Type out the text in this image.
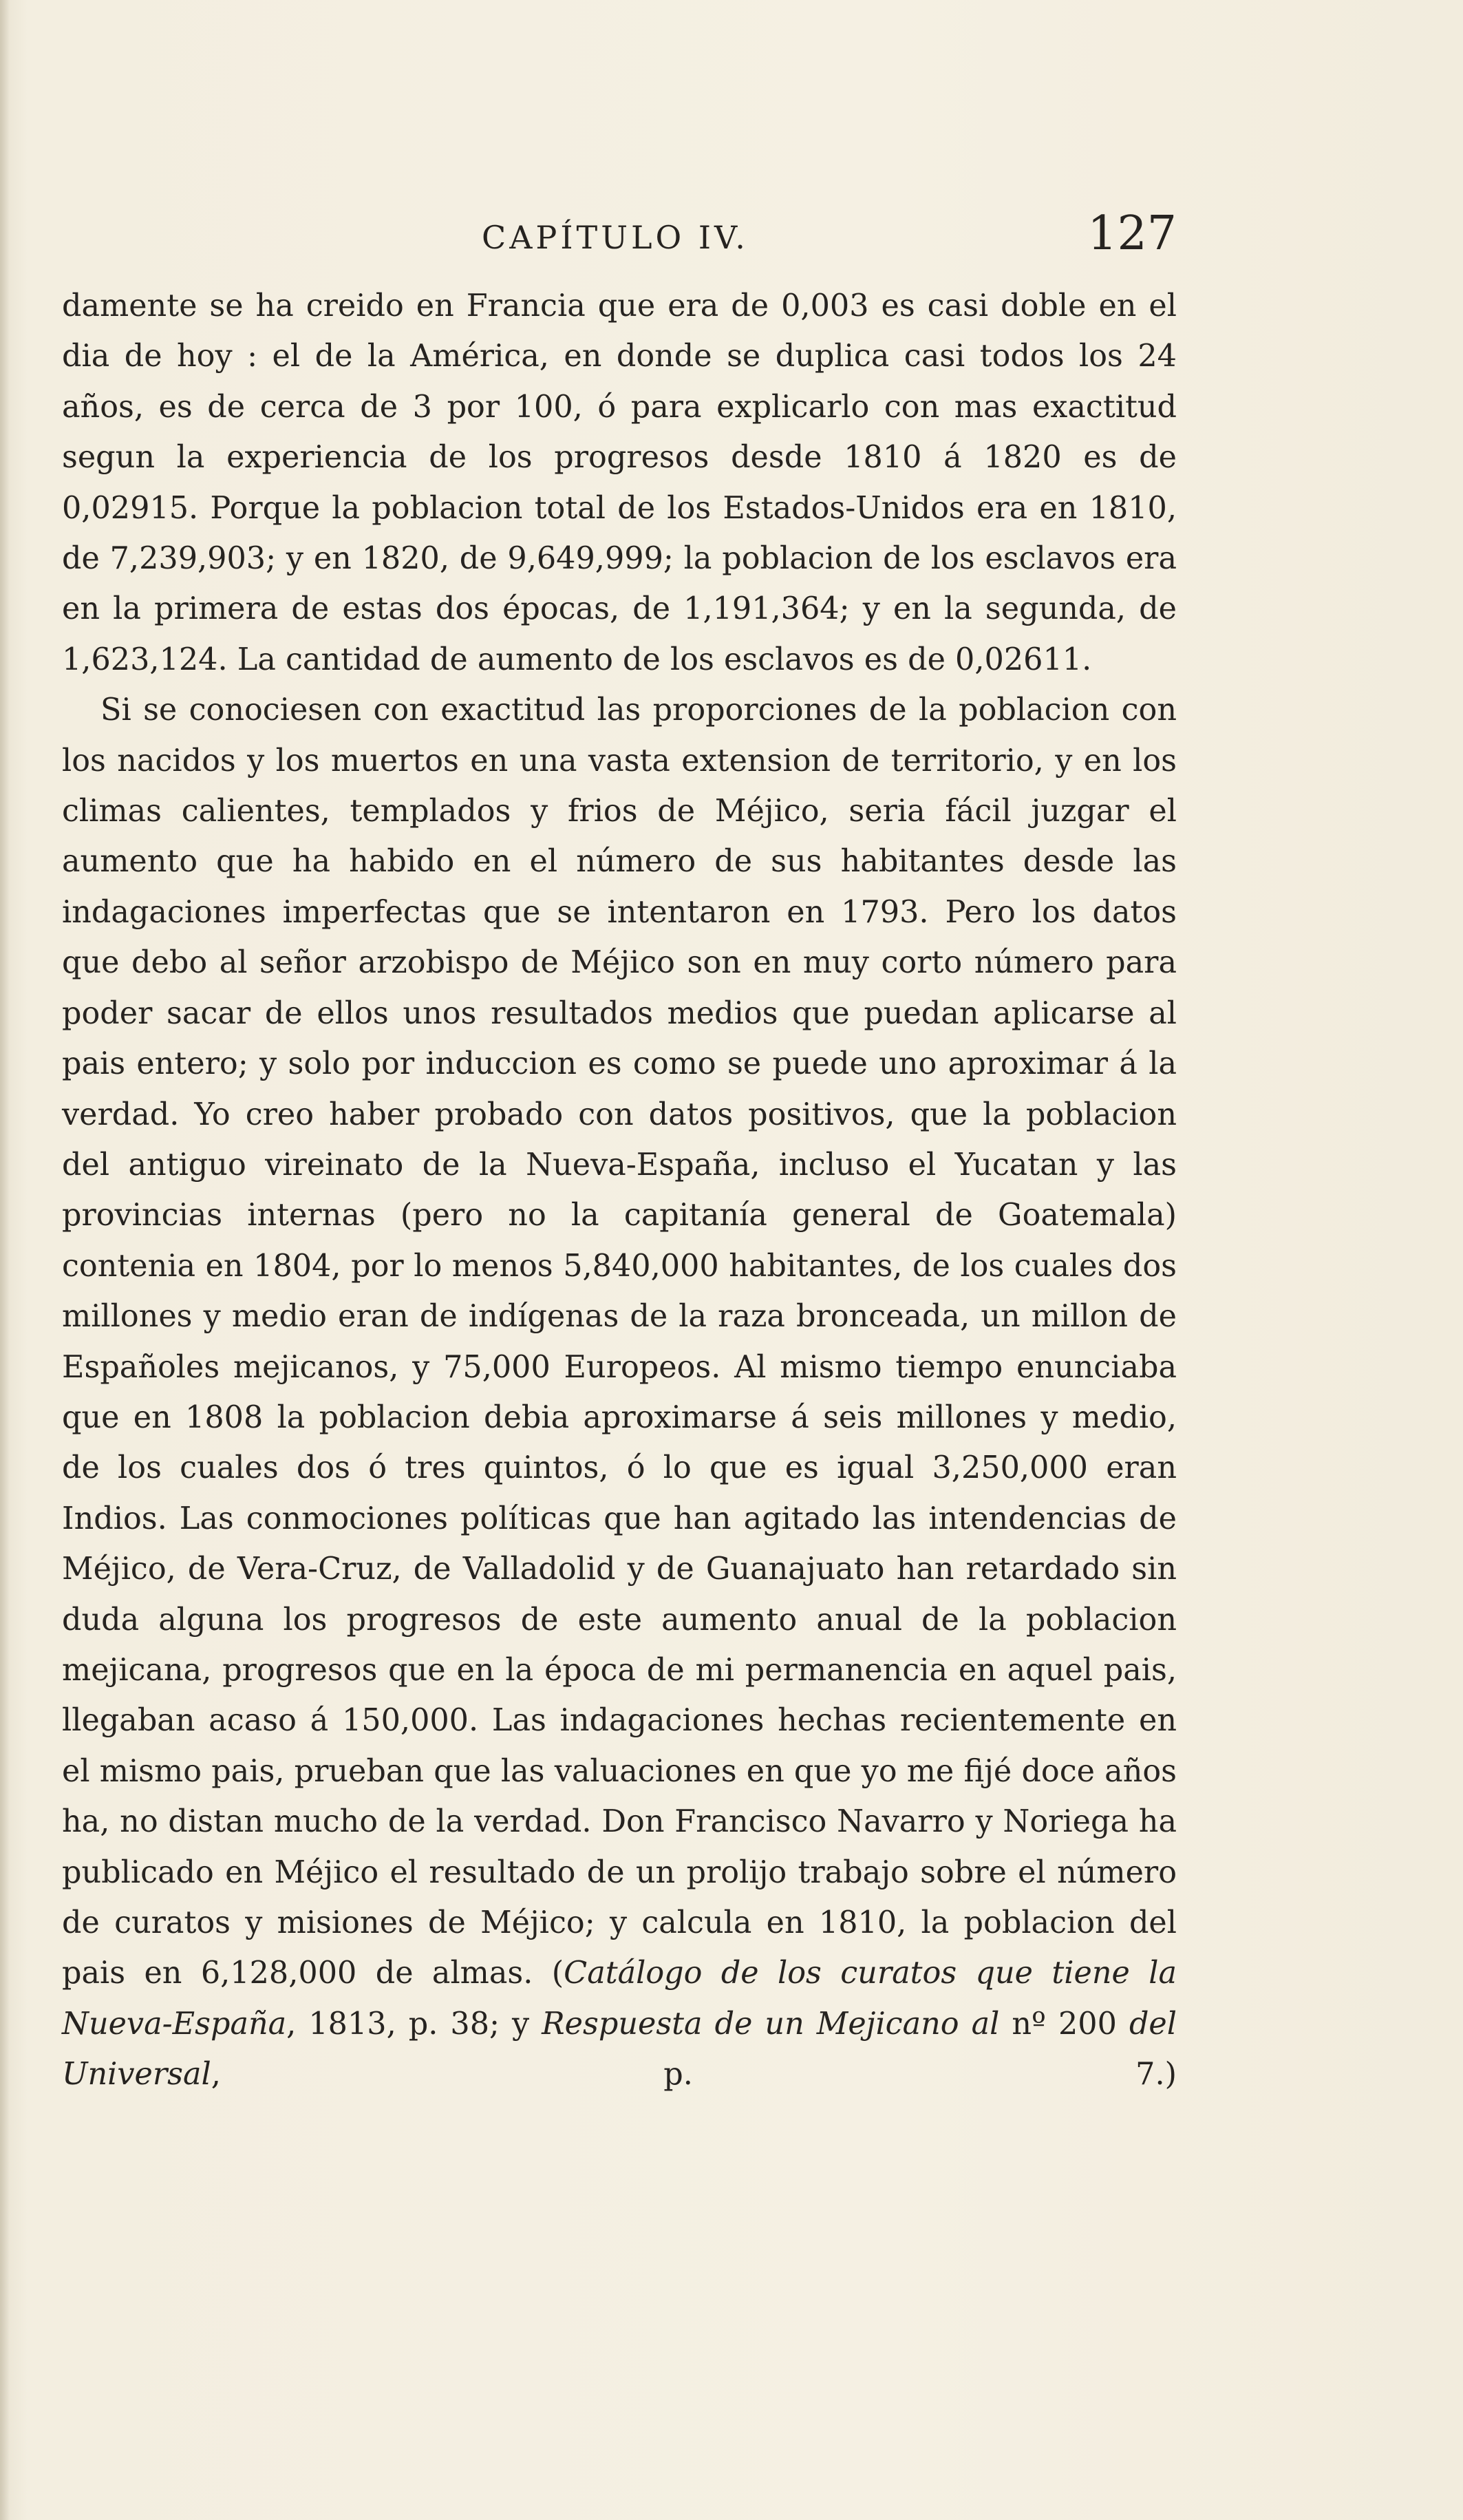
CAPÍTULO IV.	127

damente se ha creido en Francia que era de 0,003 es casi doble en el dia de hoy : el de la América, en donde se duplica casi todos los 24 años, es de cerca de 3 por 100, ó para explicarlo con mas exactitud segun la experiencia de los progresos desde 1810 á 1820 es de 0,02915. Porque la poblacion total de los Estados-Unidos era en 1810, de 7,239,903; y en 1820, de 9,649,999; la poblacion de los esclavos era en la primera de estas dos épocas, de 1,191,364; y en la segunda, de 1,623,124. La cantidad de aumento de los esclavos es de 0,02611.

Si se conociesen con exactitud las proporciones de la poblacion con los nacidos y los muertos en una vasta extension de territorio, y en los climas calientes, templados y frios de Méjico, seria fácil juzgar el aumento que ha habido en el número de sus habitantes desde las indagaciones imperfectas que se intentaron en 1793. Pero los datos que debo al señor arzobispo de Méjico son en muy corto número para poder sacar de ellos unos resultados medios que puedan aplicarse al pais entero; y solo por induccion es como se puede uno aproximar á la verdad. Yo creo haber probado con datos positivos, que la poblacion del antiguo vireinato de la Nueva-España, incluso el Yucatan y las provincias internas (pero no la capitanía general de Goatemala) contenia en 1804, por lo menos 5,840,000 habitantes, de los cuales dos millones y medio eran de indígenas de la raza bronceada, un millon de Españoles mejicanos, y 75,000 Europeos. Al mismo tiempo enunciaba que en 1808 la poblacion debia aproximarse á seis millones y medio, de los cuales dos ó tres quintos, ó lo que es igual 3,250,000 eran Indios. Las conmociones políticas que han agitado las intendencias de Méjico, de Vera-Cruz, de Valladolid y de Guanajuato han retardado sin duda alguna los progresos de este aumento anual de la poblacion mejicana, progresos que en la época de mi permanencia en aquel pais, llegaban acaso á 150,000. Las indagaciones hechas recientemente en el mismo pais, prueban que las valuaciones en que yo me fijé doce años ha, no distan mucho de la verdad. Don Francisco Navarro y Noriega ha publicado en Méjico el resultado de un prolijo trabajo sobre el número de curatos y misiones de Méjico; y calcula en 1810, la poblacion del pais en 6,128,000 de almas. (Catálogo de los curatos que tiene la Nueva-España, 1813, p. 38; y Respuesta de un Mejicano al nº 200 del Universal, p. 7.)
